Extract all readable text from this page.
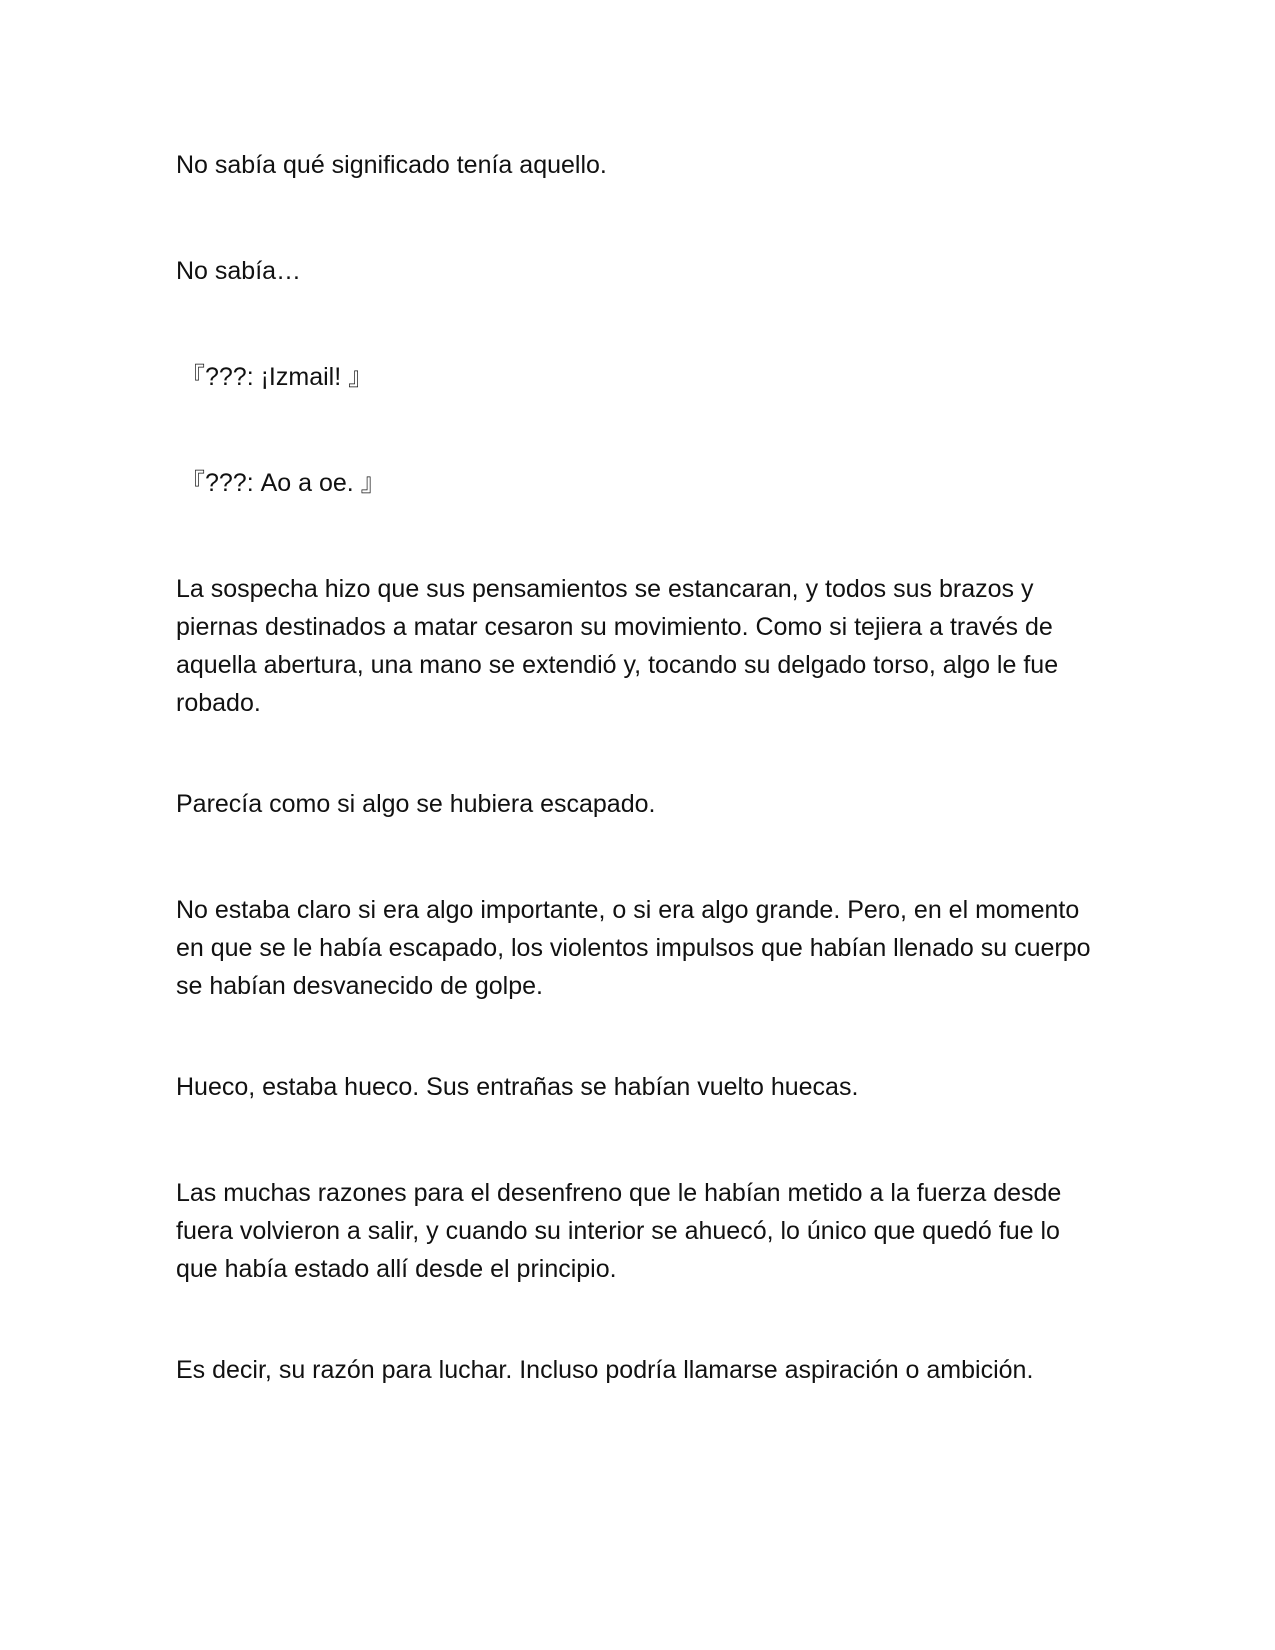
No sabía qué significado tenía aquello.

No sabía…

『???: ¡Izmail! 』

『???: Ao a oe. 』

La sospecha hizo que sus pensamientos se estancaran, y todos sus brazos y piernas destinados a matar cesaron su movimiento. Como si tejiera a través de aquella abertura, una mano se extendió y, tocando su delgado torso, algo le fue robado.

Parecía como si algo se hubiera escapado.

No estaba claro si era algo importante, o si era algo grande. Pero, en el momento en que se le había escapado, los violentos impulsos que habían llenado su cuerpo se habían desvanecido de golpe.

Hueco, estaba hueco. Sus entrañas se habían vuelto huecas.

Las muchas razones para el desenfreno que le habían metido a la fuerza desde fuera volvieron a salir, y cuando su interior se ahuecó, lo único que quedó fue lo que había estado allí desde el principio.

Es decir, su razón para luchar. Incluso podría llamarse aspiración o ambición.
